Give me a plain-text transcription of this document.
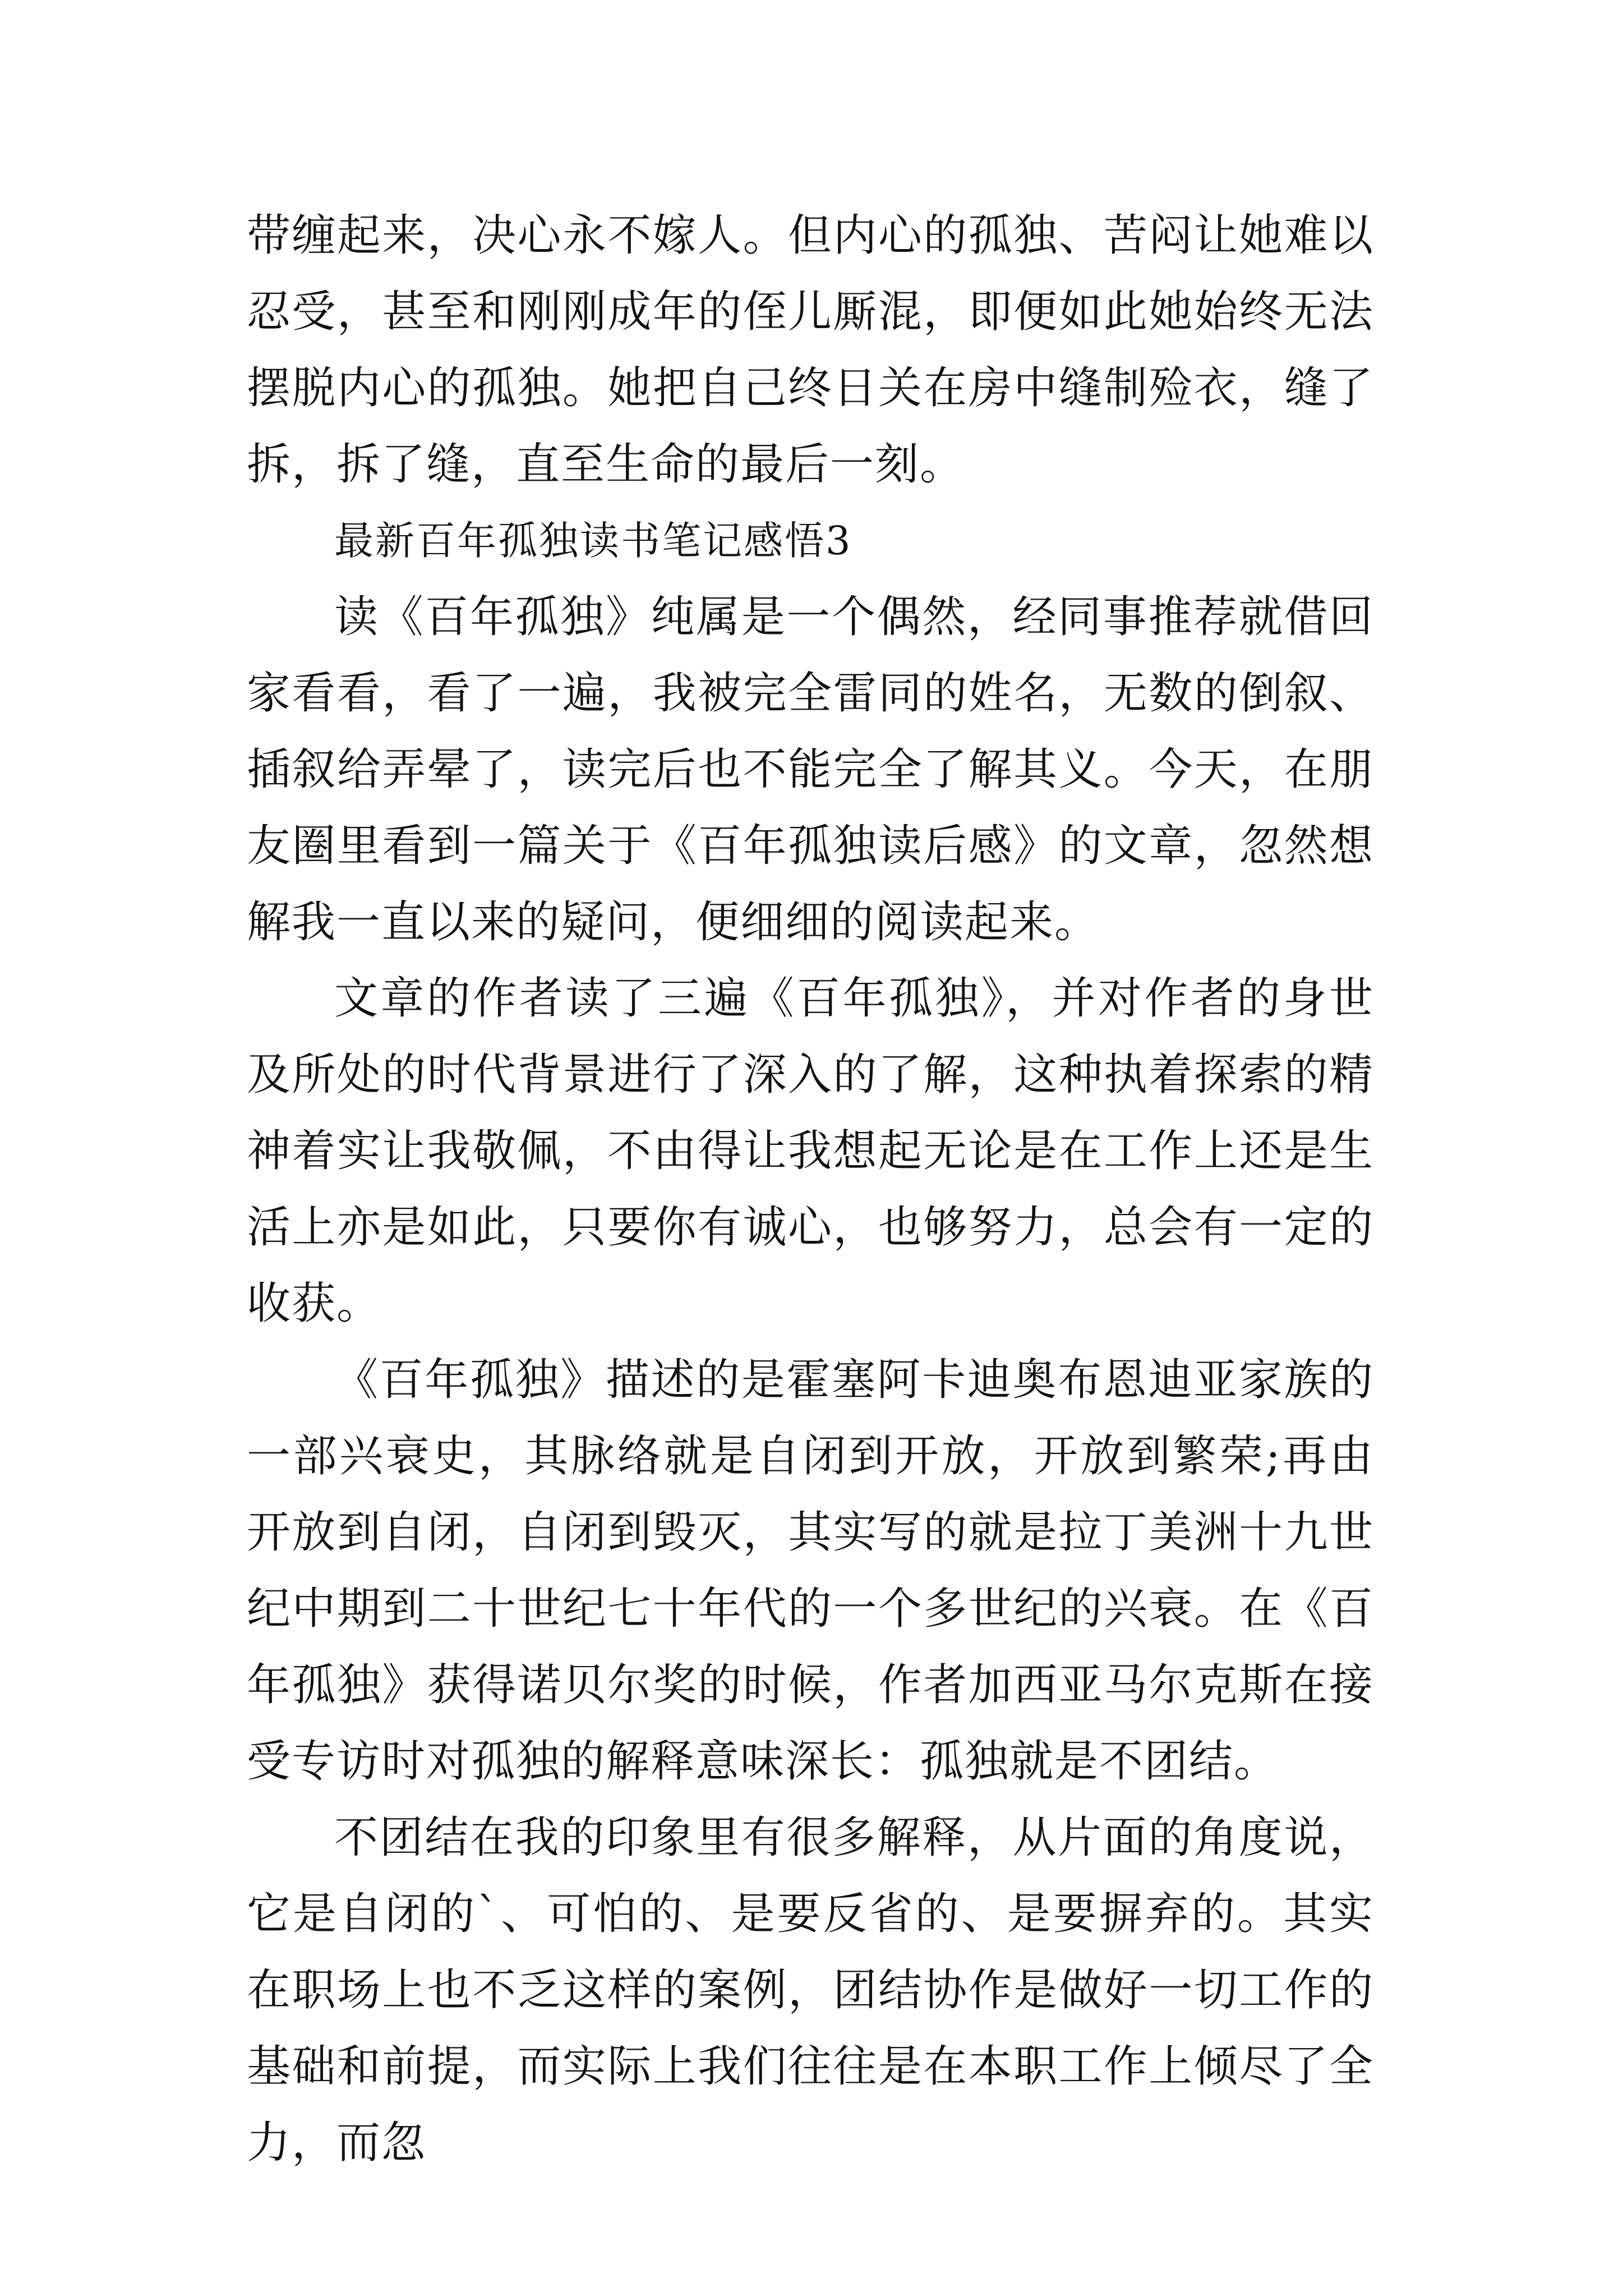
带缠起来，决心永不嫁人。但内心的孤独、苦闷让她难以忍受，甚至和刚刚成年的侄儿厮混，即便如此她始终无法摆脱内心的孤独。她把自己终日关在房中缝制殓衣，缝了拆，拆了缝，直至生命的最后一刻。

最新百年孤独读书笔记感悟3

读《百年孤独》纯属是一个偶然，经同事推荐就借回家看看，看了一遍，我被完全雷同的姓名，无数的倒叙、插叙给弄晕了，读完后也不能完全了解其义。今天，在朋友圈里看到一篇关于《百年孤独读后感》的文章，忽然想解我一直以来的疑问，便细细的阅读起来。

文章的作者读了三遍《百年孤独》，并对作者的身世及所处的时代背景进行了深入的了解，这种执着探索的精神着实让我敬佩，不由得让我想起无论是在工作上还是生活上亦是如此，只要你有诚心，也够努力，总会有一定的收获。

《百年孤独》描述的是霍塞阿卡迪奥布恩迪亚家族的一部兴衰史，其脉络就是自闭到开放，开放到繁荣;再由开放到自闭，自闭到毁灭，其实写的就是拉丁美洲十九世纪中期到二十世纪七十年代的一个多世纪的兴衰。在《百年孤独》获得诺贝尔奖的时候，作者加西亚马尔克斯在接受专访时对孤独的解释意味深长：孤独就是不团结。

不团结在我的印象里有很多解释，从片面的角度说，它是自闭的`、可怕的、是要反省的、是要摒弃的。其实在职场上也不乏这样的案例，团结协作是做好一切工作的基础和前提，而实际上我们往往是在本职工作上倾尽了全力，而忽
